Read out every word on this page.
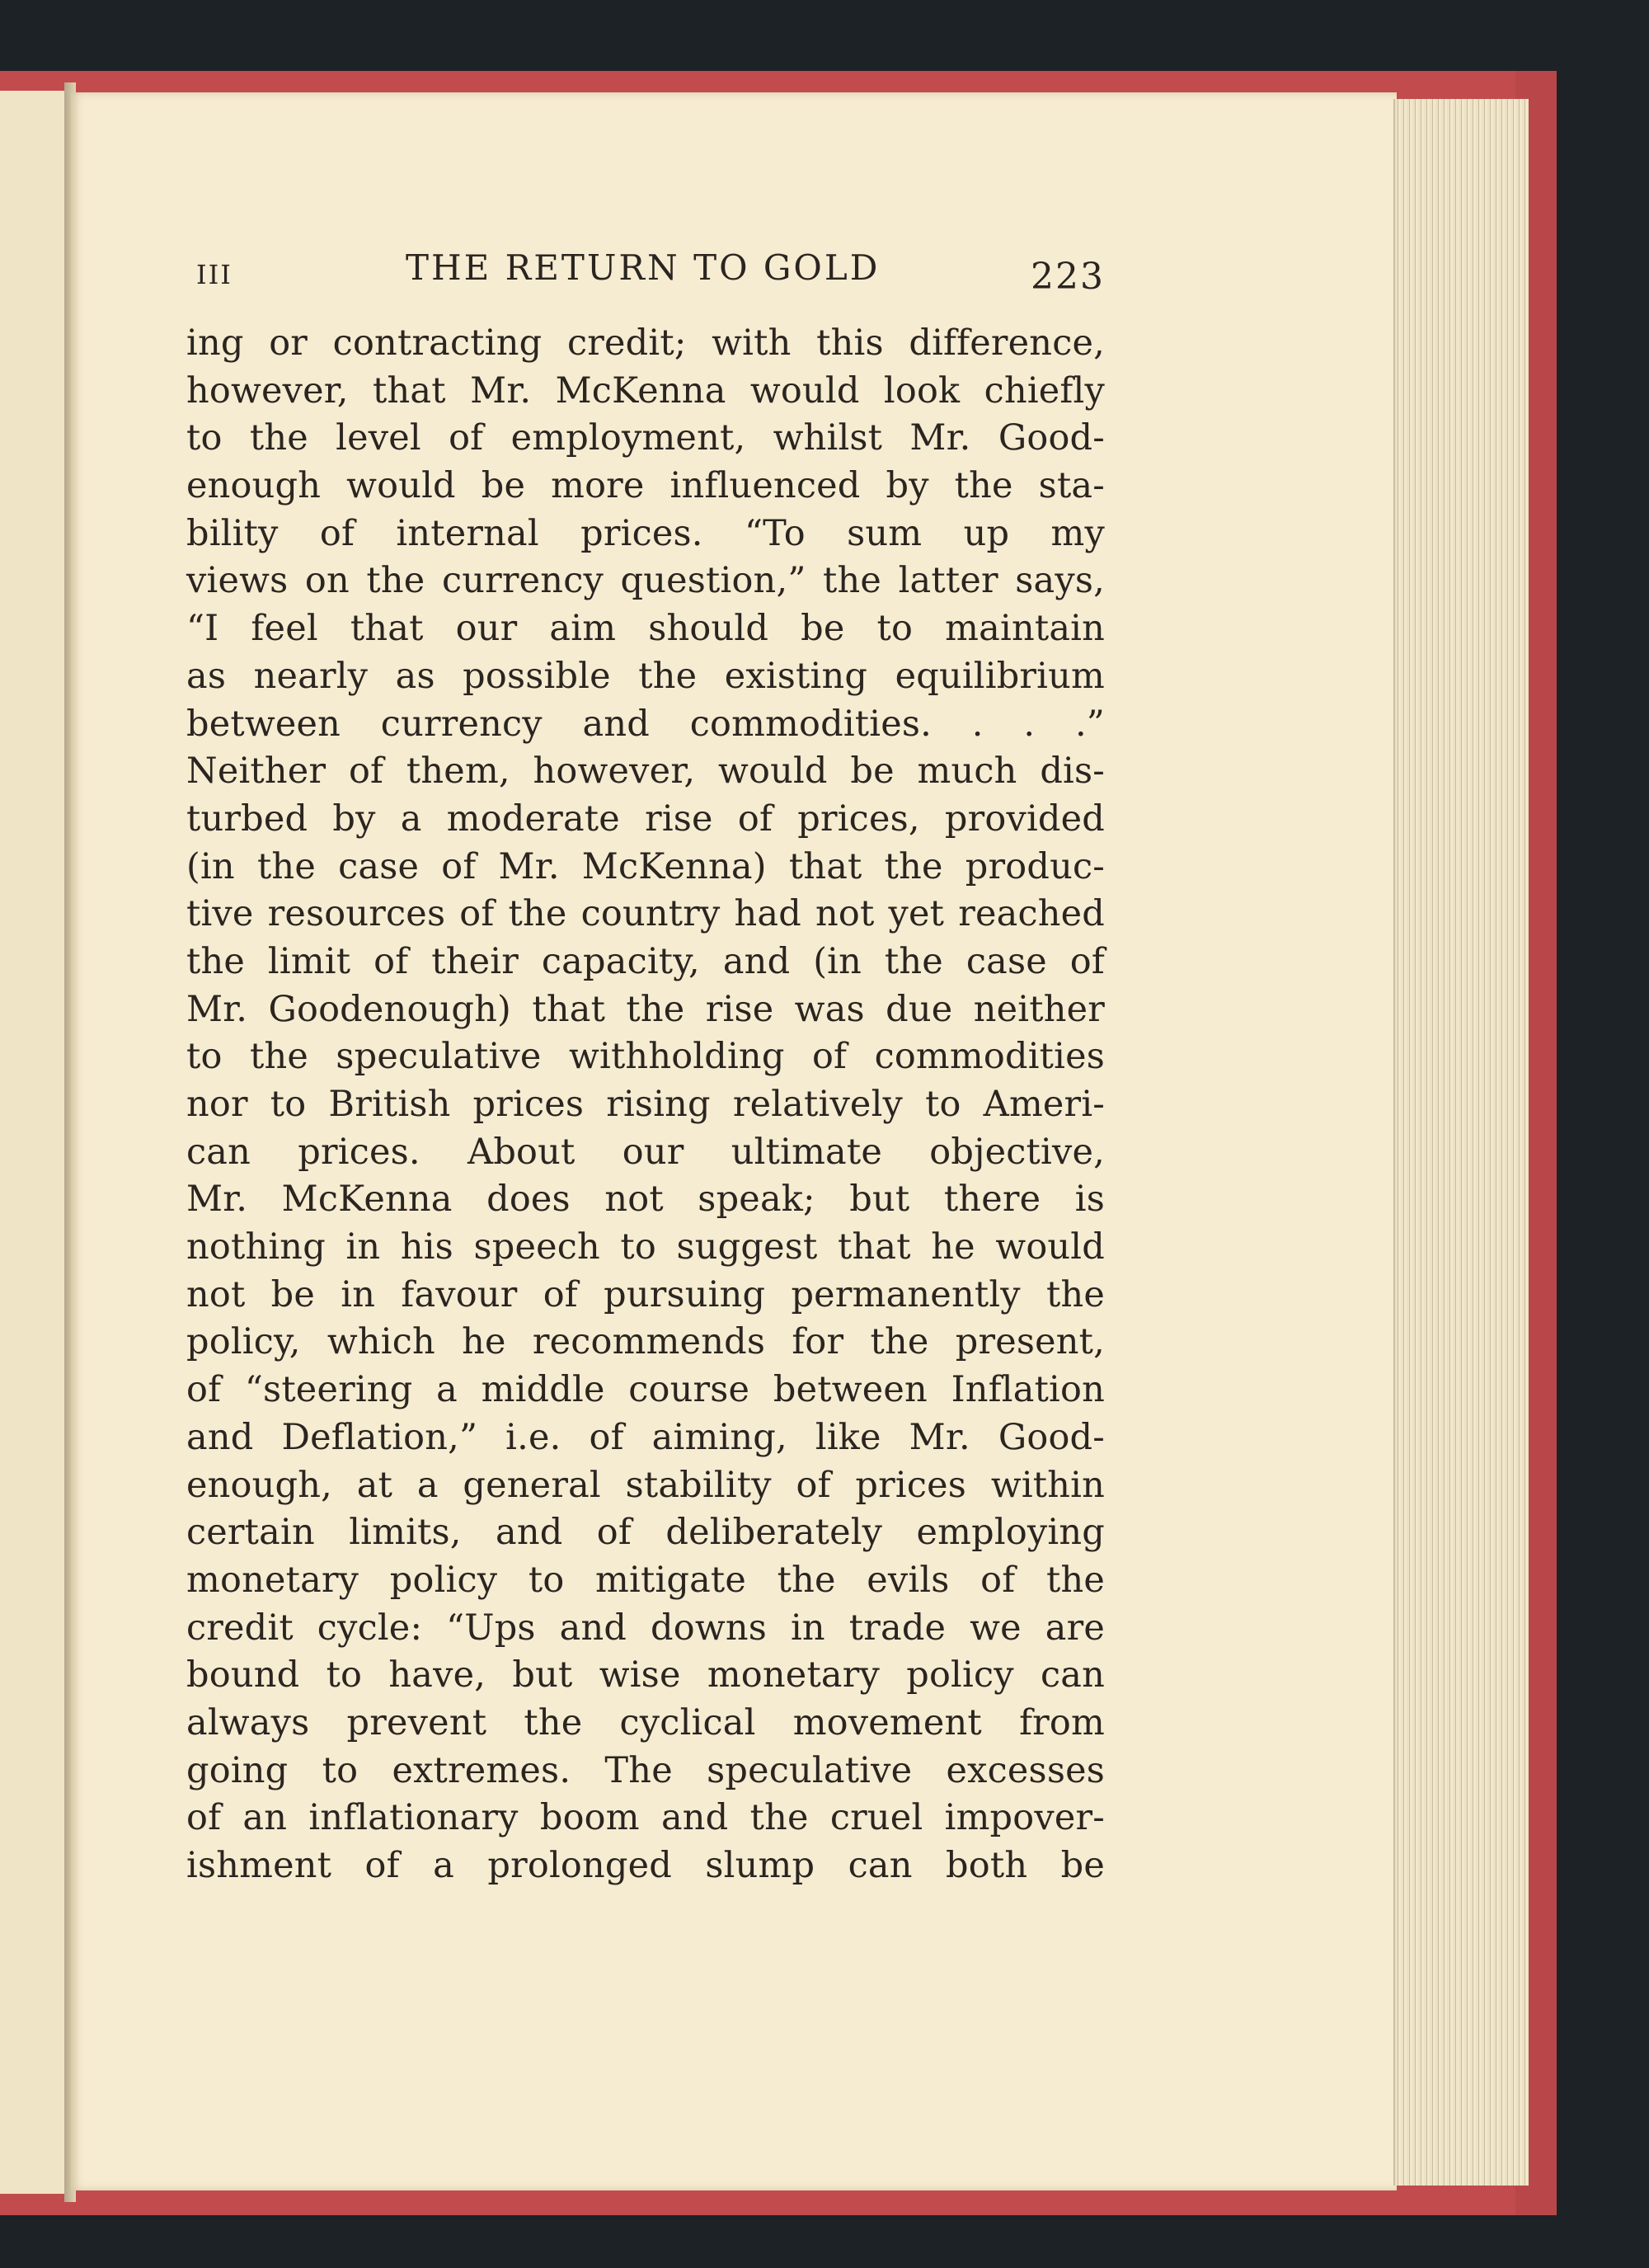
III	THE RETURN TO GOLD	223
ing or contracting credit; with this difference,
however, that Mr. McKenna would look chiefly
to the level of employment, whilst Mr. Good-
enough would be more influenced by the sta-
bility of internal prices. “To sum up my
views on the currency question,” the latter says,
“I feel that our aim should be to maintain
as nearly as possible the existing equilibrium
between currency and commodities. . . .”
Neither of them, however, would be much dis-
turbed by a moderate rise of prices, provided
(in the case of Mr. McKenna) that the produc-
tive resources of the country had not yet reached
the limit of their capacity, and (in the case of
Mr. Goodenough) that the rise was due neither
to the speculative withholding of commodities
nor to British prices rising relatively to Ameri-
can prices. About our ultimate objective,
Mr. McKenna does not speak; but there is
nothing in his speech to suggest that he would
not be in favour of pursuing permanently the
policy, which he recommends for the present,
of “steering a middle course between Inflation
and Deflation,” i.e. of aiming, like Mr. Good-
enough, at a general stability of prices within
certain limits, and of deliberately employing
monetary policy to mitigate the evils of the
credit cycle: “Ups and downs in trade we are
bound to have, but wise monetary policy can
always prevent the cyclical movement from
going to extremes. The speculative excesses
of an inflationary boom and the cruel impover-
ishment of a prolonged slump can both be
